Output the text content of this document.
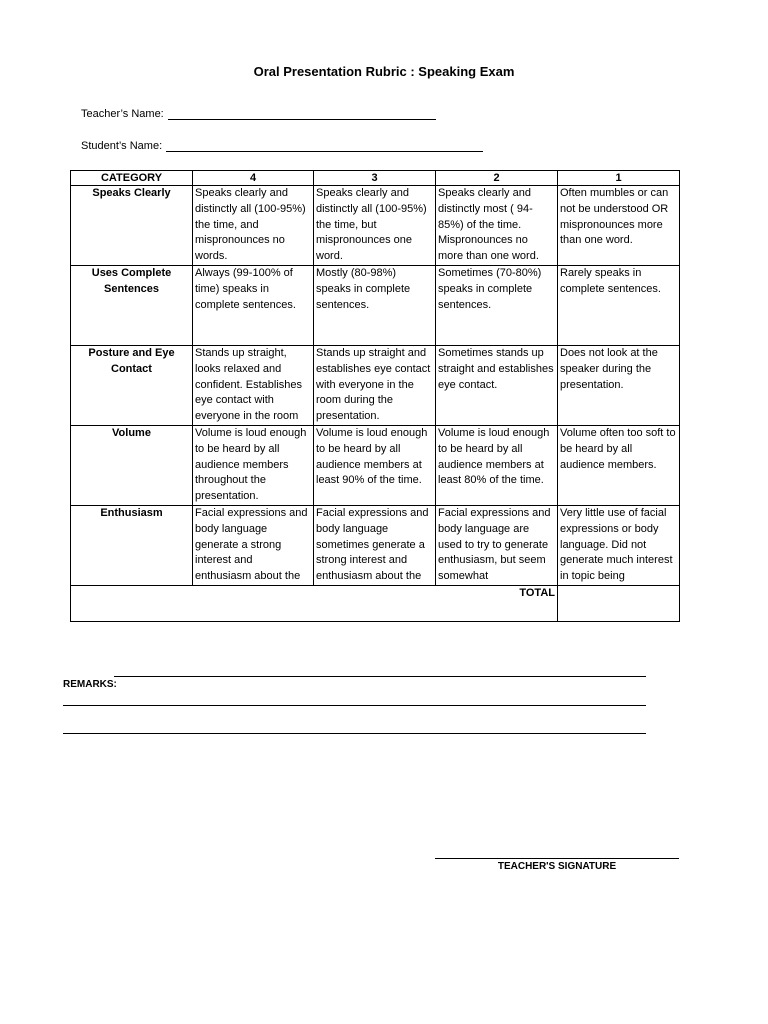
Oral Presentation Rubric : Speaking Exam
Teacher’s Name:
Student’s Name:
CATEGORY	4	3	2	1

Speaks Clearly	Speaks clearly and distinctly all (100-95%) the time, and mispronounces no words.	Speaks clearly and distinctly all (100-95%) the time, but mispronounces one word.	Speaks clearly and distinctly most ( 94-85%) of the time. Mispronounces no more than one word.	Often mumbles or can not be understood OR mispronounces more than one word.

Uses Complete Sentences	Always (99-100% of time) speaks in complete sentences.	Mostly (80-98%) speaks in complete sentences.	Sometimes (70-80%) speaks in complete sentences.	Rarely speaks in complete sentences.

Posture and Eye Contact	Stands up straight, looks relaxed and confident. Establishes eye contact with everyone in the room	Stands up straight and establishes eye contact with everyone in the room during the presentation.	Sometimes stands up straight and establishes eye contact.	Does not look at the speaker during the presentation.

Volume	Volume is loud enough to be heard by all audience members throughout the presentation.	Volume is loud enough to be heard by all audience members at least 90% of the time.	Volume is loud enough to be heard by all audience members at least 80% of the time.	Volume often too soft to be heard by all audience members.

Enthusiasm	Facial expressions and body language generate a strong interest and enthusiasm about the	Facial expressions and body language sometimes generate a strong interest and enthusiasm about the	Facial expressions and body language are used to try to generate enthusiasm, but seem somewhat	Very little use of facial expressions or body language. Did not generate much interest in topic being

TOTAL				
REMARKS:
TEACHER'S SIGNATURE
